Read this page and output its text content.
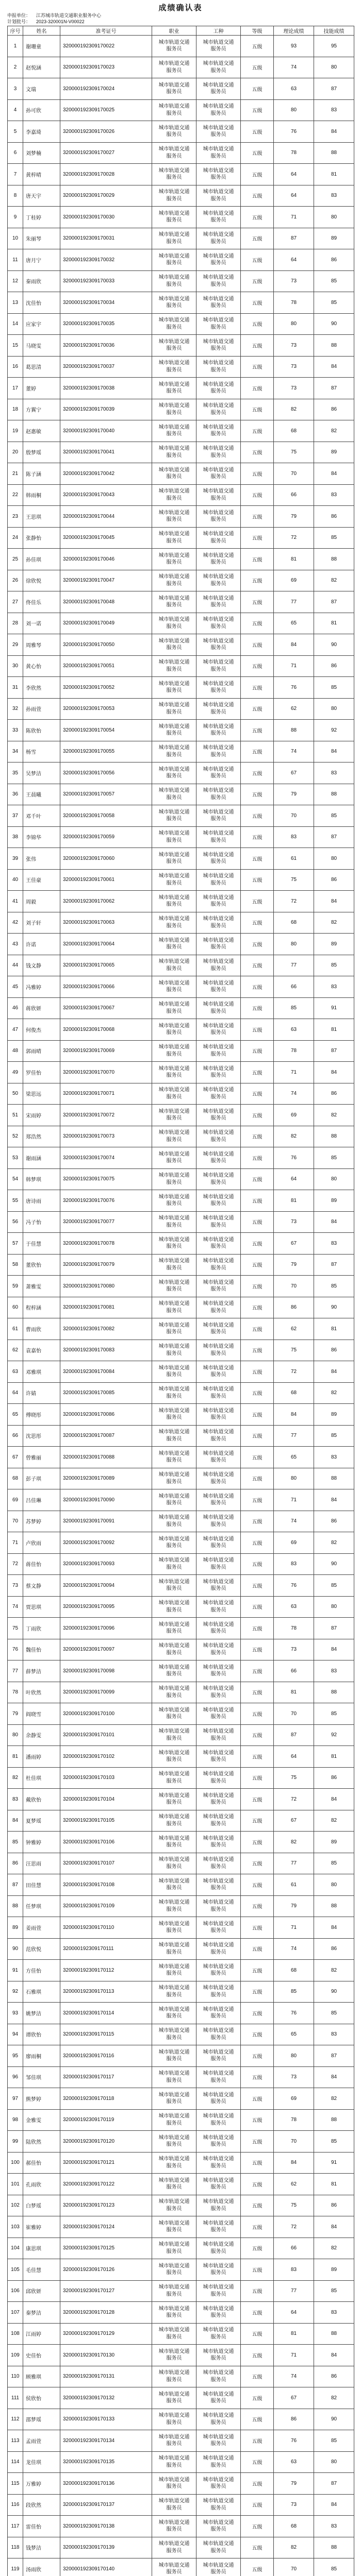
成绩确认表
申报单位： 江苏城市轨道交通职业服务中心
计划批号： 2023-320001N-V00022
序号	姓名	准考证号	职业	工种	等级	理论成绩	技能成绩
1	谢珊童	320000192309170022	城市轨道交通服务员	城市轨道交通服务员	五级	93	95
2	赵悦涵	320000192309170023	城市轨道交通服务员	城市轨道交通服务员	五级	74	80
3	文瑞	320000192309170024	城市轨道交通服务员	城市轨道交通服务员	五级	63	87
4	孙可欣	320000192309170025	城市轨道交通服务员	城市轨道交通服务员	五级	80	83
5	李嘉琦	320000192309170026	城市轨道交通服务员	城市轨道交通服务员	五级	76	84
6	刘梦楠	320000192309170027	城市轨道交通服务员	城市轨道交通服务员	五级	78	88
7	黄梓晴	320000192309170028	城市轨道交通服务员	城市轨道交通服务员	五级	64	81
8	唐天宇	320000192309170029	城市轨道交通服务员	城市轨道交通服务员	五级	64	83
9	丁桂婷	320000192309170030	城市轨道交通服务员	城市轨道交通服务员	五级	71	80
10	朱丽琴	320000192309170031	城市轨道交通服务员	城市轨道交通服务员	五级	87	89
11	唐月宁	320000192309170032	城市轨道交通服务员	城市轨道交通服务员	五级	64	86
12	秦雨欣	320000192309170033	城市轨道交通服务员	城市轨道交通服务员	五级	73	85
13	沈佳怡	320000192309170034	城市轨道交通服务员	城市轨道交通服务员	五级	78	85
14	应家宇	320000192309170035	城市轨道交通服务员	城市轨道交通服务员	五级	80	90
15	马晓雯	320000192309170036	城市轨道交通服务员	城市轨道交通服务员	五级	73	88
16	葛思清	320000192309170037	城市轨道交通服务员	城市轨道交通服务员	五级	73	84
17	董婷	320000192309170038	城市轨道交通服务员	城市轨道交通服务员	五级	73	87
18	方翼宁	320000192309170039	城市轨道交通服务员	城市轨道交通服务员	五级	82	86
19	赵惠敏	320000192309170040	城市轨道交通服务员	城市轨道交通服务员	五级	68	82
20	殷梦瑶	320000192309170041	城市轨道交通服务员	城市轨道交通服务员	五级	75	89
21	陈子涵	320000192309170042	城市轨道交通服务员	城市轨道交通服务员	五级	70	84
22	韩雨桐	320000192309170043	城市轨道交通服务员	城市轨道交通服务员	五级	66	83
23	王思琪	320000192309170044	城市轨道交通服务员	城市轨道交通服务员	五级	79	86
24	张静怡	320000192309170045	城市轨道交通服务员	城市轨道交通服务员	五级	72	85
25	孙佳琪	320000192309170046	城市轨道交通服务员	城市轨道交通服务员	五级	81	88
26	徐欣悦	320000192309170047	城市轨道交通服务员	城市轨道交通服务员	五级	69	82
27	佟佳乐	320000192309170048	城市轨道交通服务员	城市轨道交通服务员	五级	77	87
28	刘一诺	320000192309170049	城市轨道交通服务员	城市轨道交通服务员	五级	65	81
29	周雅琴	320000192309170050	城市轨道交通服务员	城市轨道交通服务员	五级	84	90
30	黄心怡	320000192309170051	城市轨道交通服务员	城市轨道交通服务员	五级	71	86
31	李欣然	320000192309170052	城市轨道交通服务员	城市轨道交通服务员	五级	76	85
32	孙雨萱	320000192309170053	城市轨道交通服务员	城市轨道交通服务员	五级	62	80
33	陈欣怡	320000192309170054	城市轨道交通服务员	城市轨道交通服务员	五级	88	92
34	杨雪	320000192309170055	城市轨道交通服务员	城市轨道交通服务员	五级	74	84
35	吴梦洁	320000192309170056	城市轨道交通服务员	城市轨道交通服务员	五级	67	83
36	王晨曦	320000192309170057	城市轨道交通服务员	城市轨道交通服务员	五级	79	88
37	邓千叶	320000192309170058	城市轨道交通服务员	城市轨道交通服务员	五级	70	85
38	李锦华	320000192309170059	城市轨道交通服务员	城市轨道交通服务员	五级	83	87
39	张伟	320000192309170060	城市轨道交通服务员	城市轨道交通服务员	五级	61	80
40	王佳豪	320000192309170061	城市轨道交通服务员	城市轨道交通服务员	五级	75	86
41	周毅	320000192309170062	城市轨道交通服务员	城市轨道交通服务员	五级	72	84
42	刘子轩	320000192309170063	城市轨道交通服务员	城市轨道交通服务员	五级	68	82
43	许诺	320000192309170064	城市轨道交通服务员	城市轨道交通服务员	五级	80	89
44	钱文静	320000192309170065	城市轨道交通服务员	城市轨道交通服务员	五级	77	85
45	冯雅婷	320000192309170066	城市轨道交通服务员	城市轨道交通服务员	五级	66	83
46	蒋欣妍	320000192309170067	城市轨道交通服务员	城市轨道交通服务员	五级	85	91
47	何俊杰	320000192309170068	城市轨道交通服务员	城市轨道交通服务员	五级	63	81
48	郭雨晴	320000192309170069	城市轨道交通服务员	城市轨道交通服务员	五级	78	87
49	罗佳怡	320000192309170070	城市轨道交通服务员	城市轨道交通服务员	五级	71	84
50	梁思远	320000192309170071	城市轨道交通服务员	城市轨道交通服务员	五级	74	86
51	宋雨婷	320000192309170072	城市轨道交通服务员	城市轨道交通服务员	五级	69	82
52	郑浩然	320000192309170073	城市轨道交通服务员	城市轨道交通服务员	五级	82	88
53	谢雨涵	320000192309170074	城市轨道交通服务员	城市轨道交通服务员	五级	76	85
54	韩梦琪	320000192309170075	城市轨道交通服务员	城市轨道交通服务员	五级	64	80
55	唐诗雨	320000192309170076	城市轨道交通服务员	城市轨道交通服务员	五级	81	89
56	冯子怡	320000192309170077	城市轨道交通服务员	城市轨道交通服务员	五级	73	84
57	于佳慧	320000192309170078	城市轨道交通服务员	城市轨道交通服务员	五级	67	83
58	董欣怡	320000192309170079	城市轨道交通服务员	城市轨道交通服务员	五级	79	87
59	萧雅雯	320000192309170080	城市轨道交通服务员	城市轨道交通服务员	五级	70	85
60	程梓涵	320000192309170081	城市轨道交通服务员	城市轨道交通服务员	五级	86	90
61	曹雨欣	320000192309170082	城市轨道交通服务员	城市轨道交通服务员	五级	62	81
62	袁嘉怡	320000192309170083	城市轨道交通服务员	城市轨道交通服务员	五级	75	86
63	邓雅琪	320000192309170084	城市轨道交通服务员	城市轨道交通服务员	五级	72	84
64	许婧	320000192309170085	城市轨道交通服务员	城市轨道交通服务员	五级	68	82
65	傅晓彤	320000192309170086	城市轨道交通服务员	城市轨道交通服务员	五级	84	89
66	沈思彤	320000192309170087	城市轨道交通服务员	城市轨道交通服务员	五级	77	85
67	曾雅丽	320000192309170088	城市轨道交通服务员	城市轨道交通服务员	五级	65	83
68	彭子琪	320000192309170089	城市轨道交通服务员	城市轨道交通服务员	五级	80	88
69	吕佳琳	320000192309170090	城市轨道交通服务员	城市轨道交通服务员	五级	71	84
70	苏梦婷	320000192309170091	城市轨道交通服务员	城市轨道交通服务员	五级	74	86
71	卢欣雨	320000192309170092	城市轨道交通服务员	城市轨道交通服务员	五级	69	82
72	蒋佳怡	320000192309170093	城市轨道交通服务员	城市轨道交通服务员	五级	83	90
73	蔡文静	320000192309170094	城市轨道交通服务员	城市轨道交通服务员	五级	76	85
74	贾思琪	320000192309170095	城市轨道交通服务员	城市轨道交通服务员	五级	63	80
75	丁雨欣	320000192309170096	城市轨道交通服务员	城市轨道交通服务员	五级	78	87
76	魏佳怡	320000192309170097	城市轨道交通服务员	城市轨道交通服务员	五级	73	84
77	薛梦洁	320000192309170098	城市轨道交通服务员	城市轨道交通服务员	五级	66	83
78	叶欣然	320000192309170099	城市轨道交通服务员	城市轨道交通服务员	五级	81	88
79	阎晓雪	320000192309170100	城市轨道交通服务员	城市轨道交通服务员	五级	70	85
80	余静雯	320000192309170101	城市轨道交通服务员	城市轨道交通服务员	五级	87	92
81	潘雨婷	320000192309170102	城市轨道交通服务员	城市轨道交通服务员	五级	64	81
82	杜佳琪	320000192309170103	城市轨道交通服务员	城市轨道交通服务员	五级	75	86
83	戴欣怡	320000192309170104	城市轨道交通服务员	城市轨道交通服务员	五级	72	84
84	夏梦瑶	320000192309170105	城市轨道交通服务员	城市轨道交通服务员	五级	67	82
85	钟雅婷	320000192309170106	城市轨道交通服务员	城市轨道交通服务员	五级	82	89
86	汪思雨	320000192309170107	城市轨道交通服务员	城市轨道交通服务员	五级	77	85
87	田佳慧	320000192309170108	城市轨道交通服务员	城市轨道交通服务员	五级	61	80
88	任梦琪	320000192309170109	城市轨道交通服务员	城市轨道交通服务员	五级	79	88
89	姜雨萱	320000192309170110	城市轨道交通服务员	城市轨道交通服务员	五级	71	84
90	范欣悦	320000192309170111	城市轨道交通服务员	城市轨道交通服务员	五级	74	86
91	方佳怡	320000192309170112	城市轨道交通服务员	城市轨道交通服务员	五级	68	82
92	石雅琪	320000192309170113	城市轨道交通服务员	城市轨道交通服务员	五级	85	90
93	姚梦洁	320000192309170114	城市轨道交通服务员	城市轨道交通服务员	五级	76	85
94	谭欣怡	320000192309170115	城市轨道交通服务员	城市轨道交通服务员	五级	65	83
95	廖雨桐	320000192309170116	城市轨道交通服务员	城市轨道交通服务员	五级	80	87
96	邹佳琪	320000192309170117	城市轨道交通服务员	城市轨道交通服务员	五级	73	84
97	熊梦婷	320000192309170118	城市轨道交通服务员	城市轨道交通服务员	五级	69	82
98	金雅雯	320000192309170119	城市轨道交通服务员	城市轨道交通服务员	五级	78	88
99	陆欣然	320000192309170120	城市轨道交通服务员	城市轨道交通服务员	五级	70	85
100	郝佳怡	320000192309170121	城市轨道交通服务员	城市轨道交通服务员	五级	84	91
101	孔雨欣	320000192309170122	城市轨道交通服务员	城市轨道交通服务员	五级	62	81
102	白梦瑶	320000192309170123	城市轨道交通服务员	城市轨道交通服务员	五级	75	86
103	崔雅婷	320000192309170124	城市轨道交通服务员	城市轨道交通服务员	五级	72	84
104	康思琪	320000192309170125	城市轨道交通服务员	城市轨道交通服务员	五级	66	82
105	毛佳慧	320000192309170126	城市轨道交通服务员	城市轨道交通服务员	五级	83	89
106	邱欣妍	320000192309170127	城市轨道交通服务员	城市轨道交通服务员	五级	77	85
107	秦梦洁	320000192309170128	城市轨道交通服务员	城市轨道交通服务员	五级	64	83
108	江雨婷	320000192309170129	城市轨道交通服务员	城市轨道交通服务员	五级	81	88
109	史佳怡	320000192309170130	城市轨道交通服务员	城市轨道交通服务员	五级	71	84
110	顾雅琪	320000192309170131	城市轨道交通服务员	城市轨道交通服务员	五级	74	86
111	侯欣怡	320000192309170132	城市轨道交通服务员	城市轨道交通服务员	五级	67	82
112	邵梦瑶	320000192309170133	城市轨道交通服务员	城市轨道交通服务员	五级	86	90
113	孟雨萱	320000192309170134	城市轨道交通服务员	城市轨道交通服务员	五级	76	85
114	龙佳琪	320000192309170135	城市轨道交通服务员	城市轨道交通服务员	五级	63	80
115	万雅婷	320000192309170136	城市轨道交通服务员	城市轨道交通服务员	五级	79	87
116	段欣然	320000192309170137	城市轨道交通服务员	城市轨道交通服务员	五级	73	84
117	雷佳怡	320000192309170138	城市轨道交通服务员	城市轨道交通服务员	五级	68	83
118	钱梦洁	320000192309170139	城市轨道交通服务员	城市轨道交通服务员	五级	82	88
119	汤雨欣	320000192309170140	城市轨道交通服务员	城市轨道交通服务员	五级	70	85
